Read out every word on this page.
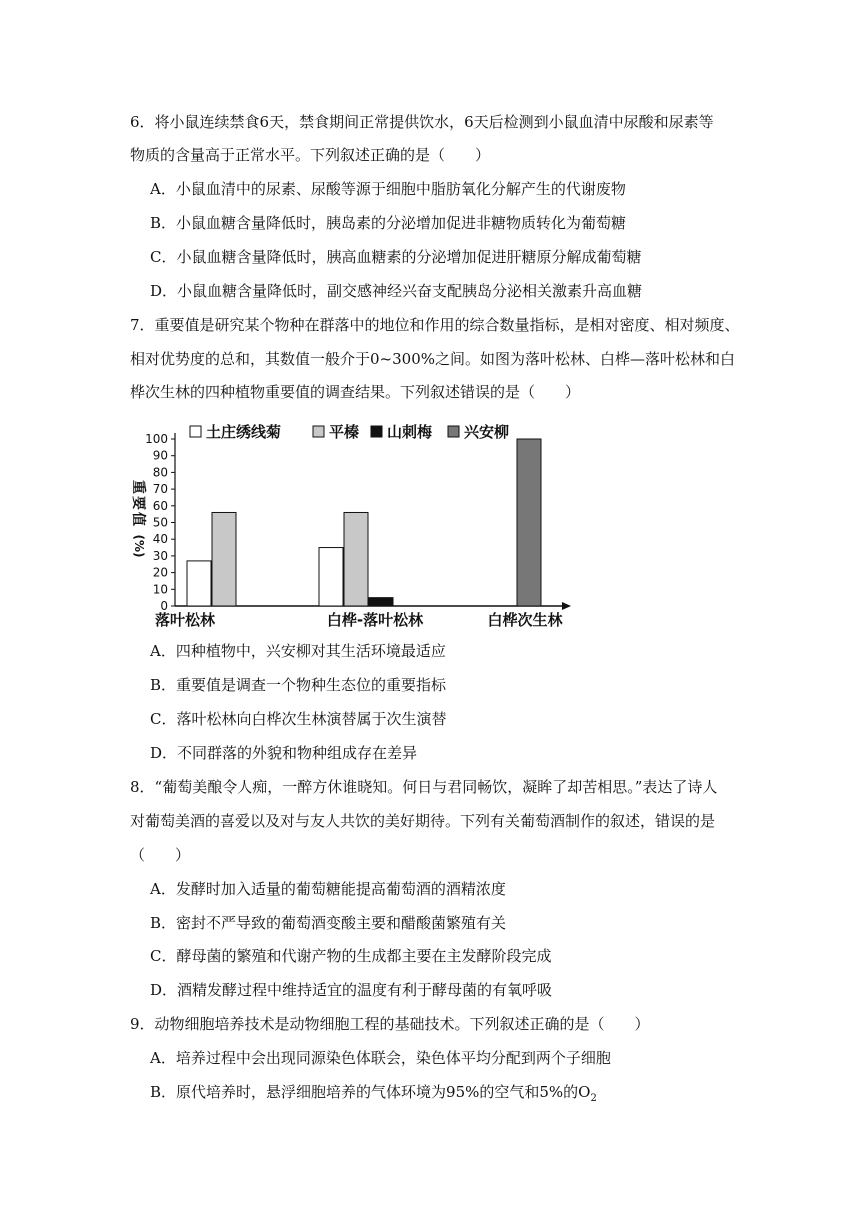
6．将小鼠连续禁食6天，禁食期间正常提供饮水，6天后检测到小鼠血清中尿酸和尿素等
物质的含量高于正常水平。下列叙述正确的是（　　）
A．小鼠血清中的尿素、尿酸等源于细胞中脂肪氧化分解产生的代谢废物
B．小鼠血糖含量降低时，胰岛素的分泌增加促进非糖物质转化为葡萄糖
C．小鼠血糖含量降低时，胰高血糖素的分泌增加促进肝糖原分解成葡萄糖
D．小鼠血糖含量降低时，副交感神经兴奋支配胰岛分泌相关激素升高血糖
7．重要值是研究某个物种在群落中的地位和作用的综合数量指标，是相对密度、相对频度、
相对优势度的总和，其数值一般介于0~300%之间。如图为落叶松林、白桦—落叶松林和白
桦次生林的四种植物重要值的调查结果。下列叙述错误的是（　　）
0
10
20
30
40
50
60
70
80
90
100
重
要
值
(%)
落叶松林	白桦-落叶松林	白桦次生林
土庄绣线菊	平榛 山刺梅 兴安柳
A．四种植物中，兴安柳对其生活环境最适应
B．重要值是调查一个物种生态位的重要指标
C．落叶松林向白桦次生林演替属于次生演替
D．不同群落的外貌和物种组成存在差异
8．“葡萄美酿令人痴，一醉方休谁晓知。何日与君同畅饮，凝眸了却苦相思。”表达了诗人
对葡萄美酒的喜爱以及对与友人共饮的美好期待。下列有关葡萄酒制作的叙述，错误的是
（　　）
A．发酵时加入适量的葡萄糖能提高葡萄酒的酒精浓度
B．密封不严导致的葡萄酒变酸主要和醋酸菌繁殖有关
C．酵母菌的繁殖和代谢产物的生成都主要在主发酵阶段完成
D．酒精发酵过程中维持适宜的温度有利于酵母菌的有氧呼吸
9．动物细胞培养技术是动物细胞工程的基础技术。下列叙述正确的是（　　）
A．培养过程中会出现同源染色体联会，染色体平均分配到两个子细胞
B．原代培养时，悬浮细胞培养的气体环境为95%的空气和5%的$O_2$
